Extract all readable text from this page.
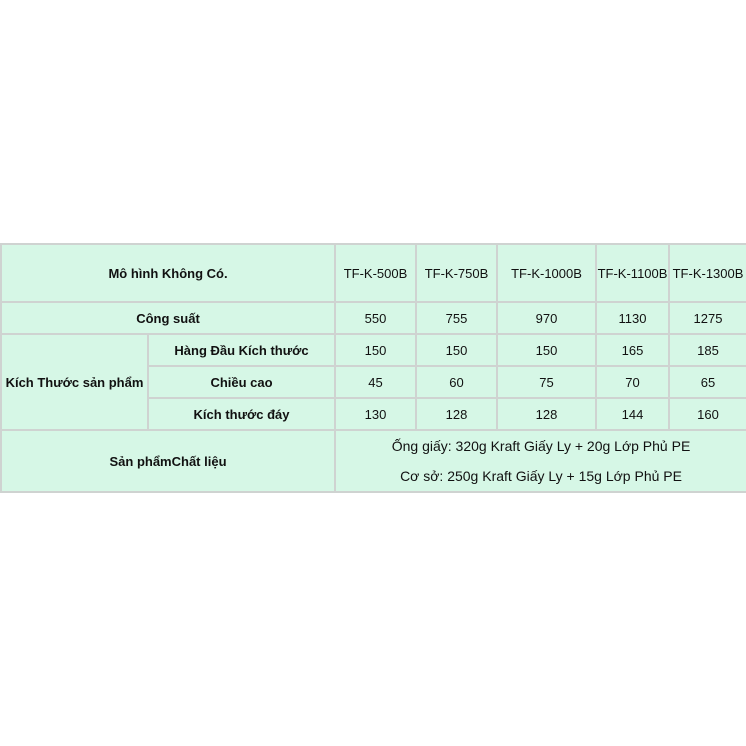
Mô hình Không Có.		TF-K-500B	TF-K-750B	TF-K-1000B	TF-K-1100B	TF-K-1300B
Công suất		550	755	970	1130	1275
Kích Thước sản phẩm	Hàng Đầu Kích thước	150	150	150	165	185
	Chiều cao	45	60	75	70	65
	Kích thước đáy	130	128	128	144	160
Sản phẩmChất liệu		Ống giấy: 320g Kraft Giấy Ly + 20g Lớp Phủ PE				
		Cơ sở: 250g Kraft Giấy Ly + 15g Lớp Phủ PE				
